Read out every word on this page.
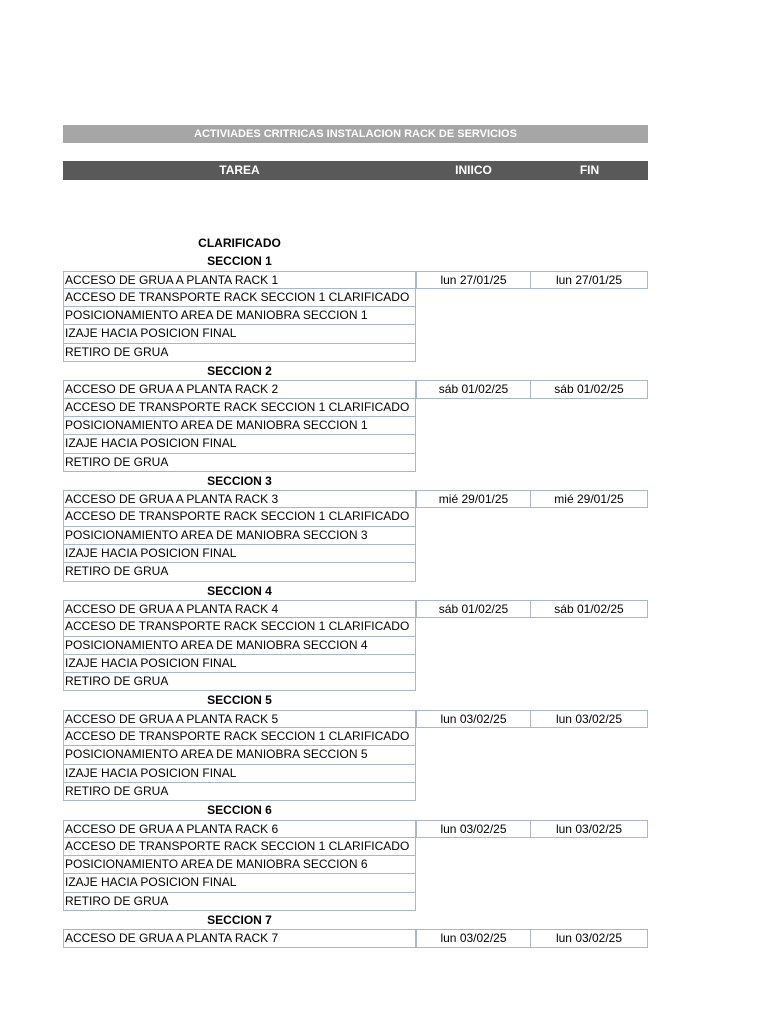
ACTIVIADES CRITRICAS INSTALACION RACK DE SERVICIOS
TAREA	INIICO	FIN
CLARIFICADO
SECCION 1
ACCESO DE GRUA A PLANTA RACK 1	lun 27/01/25	lun 27/01/25
ACCESO DE TRANSPORTE RACK SECCION 1 CLARIFICADO
POSICIONAMIENTO AREA DE MANIOBRA SECCION 1
IZAJE HACIA POSICION FINAL
RETIRO DE GRUA
SECCION 2
ACCESO DE GRUA A PLANTA RACK 2	sáb 01/02/25	sáb 01/02/25
ACCESO DE TRANSPORTE RACK SECCION 1 CLARIFICADO
POSICIONAMIENTO AREA DE MANIOBRA SECCION 1
IZAJE HACIA POSICION FINAL
RETIRO DE GRUA
SECCION 3
ACCESO DE GRUA A PLANTA RACK 3	mié 29/01/25	mié 29/01/25
ACCESO DE TRANSPORTE RACK SECCION 1 CLARIFICADO
POSICIONAMIENTO AREA DE MANIOBRA SECCION 3
IZAJE HACIA POSICION FINAL
RETIRO DE GRUA
SECCION 4
ACCESO DE GRUA A PLANTA RACK 4	sáb 01/02/25	sáb 01/02/25
ACCESO DE TRANSPORTE RACK SECCION 1 CLARIFICADO
POSICIONAMIENTO AREA DE MANIOBRA SECCION 4
IZAJE HACIA POSICION FINAL
RETIRO DE GRUA
SECCION 5
ACCESO DE GRUA A PLANTA RACK 5	lun 03/02/25	lun 03/02/25
ACCESO DE TRANSPORTE RACK SECCION 1 CLARIFICADO
POSICIONAMIENTO AREA DE MANIOBRA SECCION 5
IZAJE HACIA POSICION FINAL
RETIRO DE GRUA
SECCION 6
ACCESO DE GRUA A PLANTA RACK 6	lun 03/02/25	lun 03/02/25
ACCESO DE TRANSPORTE RACK SECCION 1 CLARIFICADO
POSICIONAMIENTO AREA DE MANIOBRA SECCION 6
IZAJE HACIA POSICION FINAL
RETIRO DE GRUA
SECCION 7
ACCESO DE GRUA A PLANTA RACK 7	lun 03/02/25	lun 03/02/25
